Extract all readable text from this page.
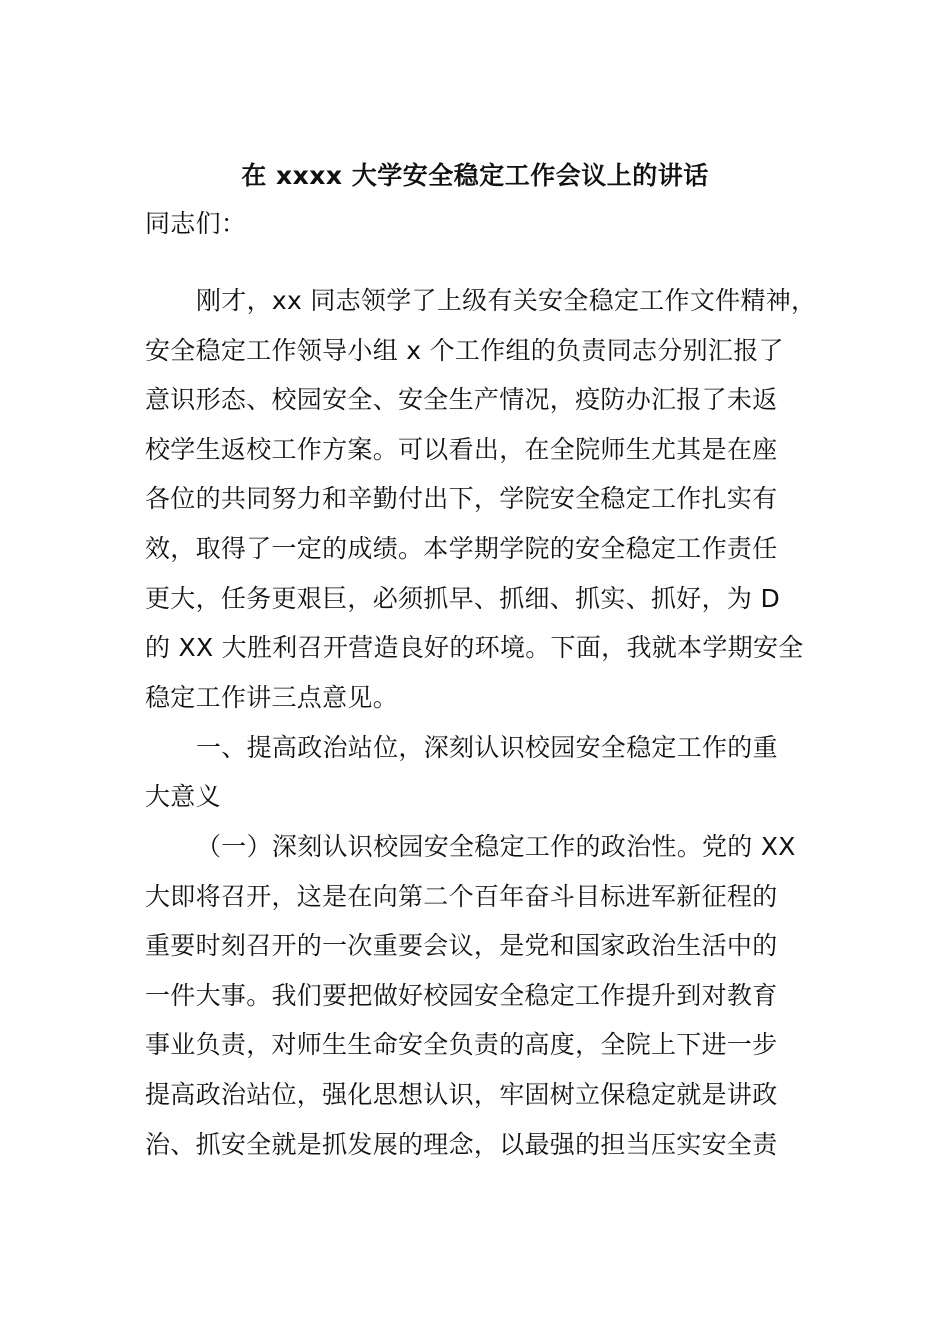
在 xxxx 大学安全稳定工作会议上的讲话
同志们：
刚才，xx 同志领学了上级有关安全稳定工作文件精神，
安全稳定工作领导小组 x 个工作组的负责同志分别汇报了
意识形态、校园安全、安全生产情况，疫防办汇报了未返
校学生返校工作方案。可以看出，在全院师生尤其是在座
各位的共同努力和辛勤付出下，学院安全稳定工作扎实有
效，取得了一定的成绩。本学期学院的安全稳定工作责任
更大，任务更艰巨，必须抓早、抓细、抓实、抓好，为 D
的 XX 大胜利召开营造良好的环境。下面，我就本学期安全
稳定工作讲三点意见。
一、提高政治站位，深刻认识校园安全稳定工作的重
大意义
（一）深刻认识校园安全稳定工作的政治性。党的 XX
大即将召开，这是在向第二个百年奋斗目标进军新征程的
重要时刻召开的一次重要会议，是党和国家政治生活中的
一件大事。我们要把做好校园安全稳定工作提升到对教育
事业负责，对师生生命安全负责的高度，全院上下进一步
提高政治站位，强化思想认识，牢固树立保稳定就是讲政
治、抓安全就是抓发展的理念，以最强的担当压实安全责
